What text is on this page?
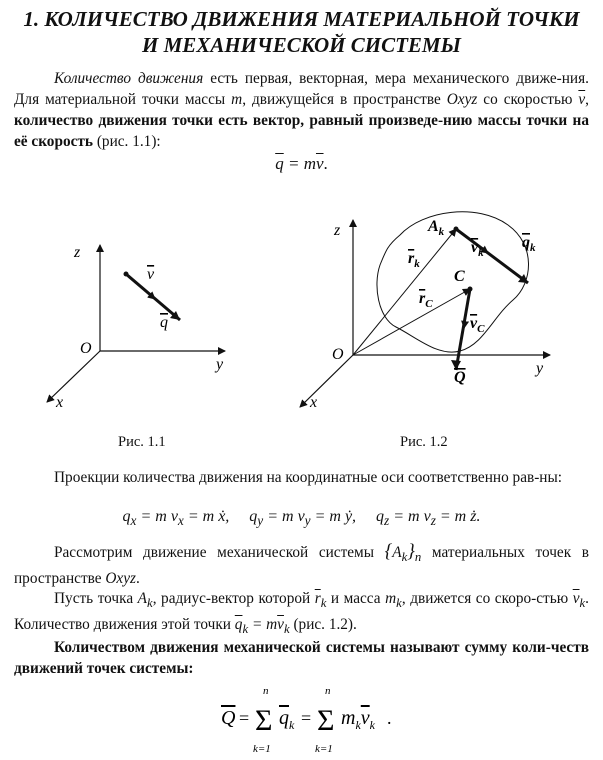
1. КОЛИЧЕСТВО ДВИЖЕНИЯ МАТЕРИАЛЬНОЙ ТОЧКИ
И МЕХАНИЧЕСКОЙ СИСТЕМЫ
Количество движения есть первая, векторная, мера механического движе-ния. Для материальной точки массы m, движущейся в пространстве Oxyz со скоростью $\overline{v}$, количество движения точки есть вектор, равный произведе-нию массы точки на её скорость (рис. 1.1):
$\overline{q} = m\overline{v}$.
z
y
x
O
v
q
Рис. 1.1
z
y
x
O
$A_k$
$r_k$
$v_k$
$q_k$
C
$r_C$
$v_C$
Q
Рис. 1.2
Проекции количества движения на координатные оси соответственно рав-ны:
$q_x = m$ $v_x = m$ ẋ, $q_y = m$ $v_y = m$ ẏ, $q_z = m$ $v_z = m$ ż.
Рассмотрим движение механической системы $\{A_k\}_n$ материальных точек в пространстве Oxyz.
Пусть точка $A_k$, радиус-вектор которой $\overline{r}_k$ и масса $m_k$, движется со скоро-стью $\overline{v}_k$. Количество движения этой точки $\overline{q}_k = m\overline{v}_k$ (рис. 1.2).
Количеством движения механической системы называют сумму коли-честв движений точек системы:
Q =
n
Σ
k=1
$q_k$ =
n
Σ
k=1
$m_kv_k$ .
